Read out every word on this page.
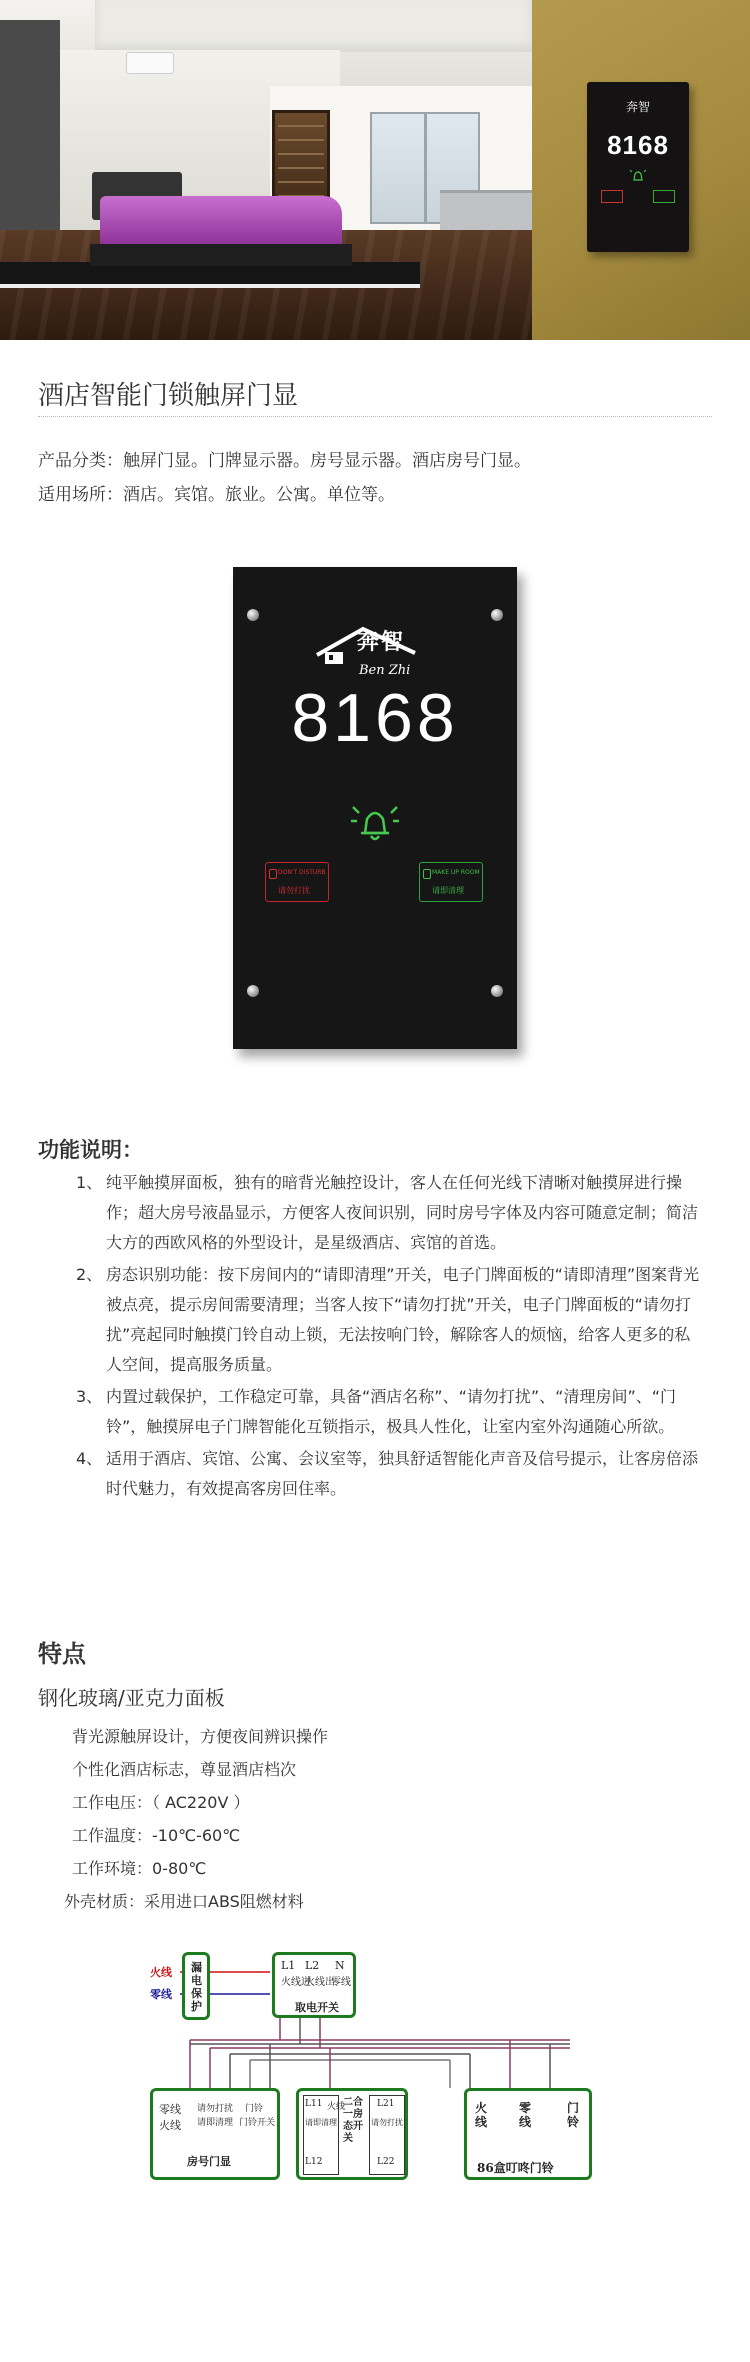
奔智
8168
酒店智能门锁触屏门显
产品分类：触屏门显。门牌显示器。房号显示器。酒店房号门显。
适用场所：酒店。宾馆。旅业。公寓。单位等。
奔智
Ben Zhi
8168
DON'T DISTURB
请勿打扰
MAKE UP ROOM
请即清理
功能说明：
1、 纯平触摸屏面板，独有的暗背光触控设计，客人在任何光线下清晰对触摸屏进行操作；超大房号液晶显示，方便客人夜间识别，同时房号字体及内容可随意定制；简洁大方的西欧风格的外型设计，是星级酒店、宾馆的首选。
2、 房态识别功能：按下房间内的“请即清理”开关，电子门牌面板的“请即清理”图案背光被点亮，提示房间需要清理；当客人按下“请勿打扰”开关，电子门牌面板的“请勿打扰”亮起同时触摸门铃自动上锁，无法按响门铃，解除客人的烦恼，给客人更多的私人空间，提高服务质量。
3、 内置过载保护，工作稳定可靠，具备“酒店名称”、“请勿打扰”、“清理房间”、“门铃”，触摸屏电子门牌智能化互锁指示，极具人性化，让室内室外沟通随心所欲。
4、 适用于酒店、宾馆、公寓、会议室等，独具舒适智能化声音及信号提示，让客房倍添时代魅力，有效提高客房回住率。
特点
钢化玻璃/亚克力面板
背光源触屏设计，方便夜间辨识操作
个性化酒店标志，尊显酒店档次
工作电压：（ AC220V ）
工作温度：-10℃-60℃
工作环境：0-80℃
外壳材质：采用进口ABS阻燃材料
火线
零线
漏电保护
L1
火线进
L2
火线出
N
零线
取电开关
零线
火线
请勿打扰
请即清理 门铃开关
门铃
房号门显
L11
请即清理
L12
火线	L21
请勿打扰
L22
二合一房态开关
火线
零线
门铃
86盒叮咚门铃
